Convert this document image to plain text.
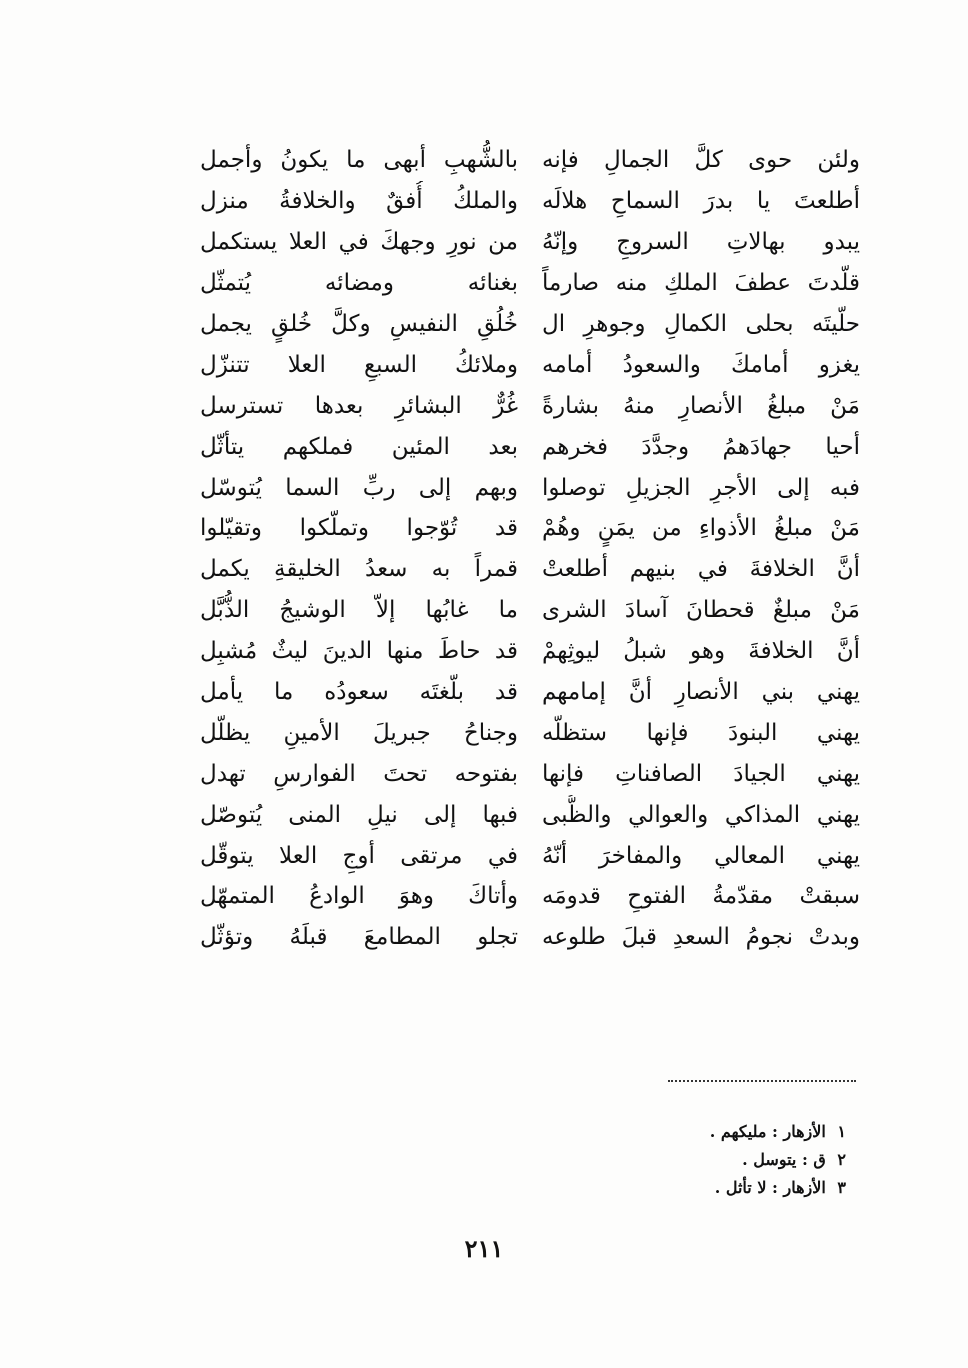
ولئن حوى كلَّ الجمالِ فإنه
بالشُّهبِ أبهى ما يكونُ وأجمل
أطلعتَ يا بدرَ السماحِ هلالَه
والملكُ أُفقٌ والخلافةُ منزل
يبدو بهالاتِ السروجِ وإنّهُ
من نورِ وجهكَ في العلا يستكمل
قلّدتَ عطفَ الملكِ منه صارماً
بغنائه ومضائه يُتمثّل
حلّيتَه بحلى الكمالِ وجوهرِ ال
خُلُقِ النفيسِ وكلَّ خُلقٍ يجمل
يغزو أمامكَ والسعودُ أمامه
وملائكُ السبعِ العلا تتنزّل
مَنْ مبلغُ الأنصارِ منهُ بشارةً
غُرٌّ البشائرِ بعدها تسترسل
أحيا جهادَهمُ وجدَّدَ فخرهم
بعد المئين فملكهم يتأثّل
فبه إلى الأجرِ الجزيلِ توصلوا
وبهم إلى ربِّ السما يُتوسّل
مَنْ مبلغُ الأذواءِ من يمَنٍ وهُمْ
قد تُوّجوا وتملّكوا وتقيّلوا
أنَّ الخلافةَ في بنيهم أطلعتْ
قمراً به سعدُ الخليقةِ يكمل
مَنْ مبلغٌ قحطانَ آسادَ الشرى
ما غابُها إلاّ الوشيجُ الذُّبَّل
أنَّ الخلافةَ وهو شبلُ ليوثِهمْ
قد حاطَ منها الدينَ ليثٌ مُشبِل
يهني بني الأنصارِ أنَّ إمامهم
قد بلّغتَه سعودُه ما يأمل
يهني البنودَ فإنها ستظلّه
وجناحُ جبريلَ الأمينِ يظلّل
يهني الجيادَ الصافناتِ فإنها
بفتوحه تحتَ الفوارسِ تهدل
يهني المذاكي والعوالي والظُّبى
فبها إلى نيلِ المنى يُتوصّل
يهني المعالي والمفاخرَ أنّهُ
في مرتقى أوجِ العلا يتوقّل
سبقتْ مقدّمةُ الفتوحِ قدومَه
وأتاكَ وهوَ الوادعُ المتمهّل
وبدتْ نجومُ السعدِ قبلَ طلوعه
تجلو المطامعَ قبلَهُ وتؤثّل
١ الأزهار : مليكهم .
٢ ق : يتوسل .
٣ الأزهار : لا تأثل .
٢١١
